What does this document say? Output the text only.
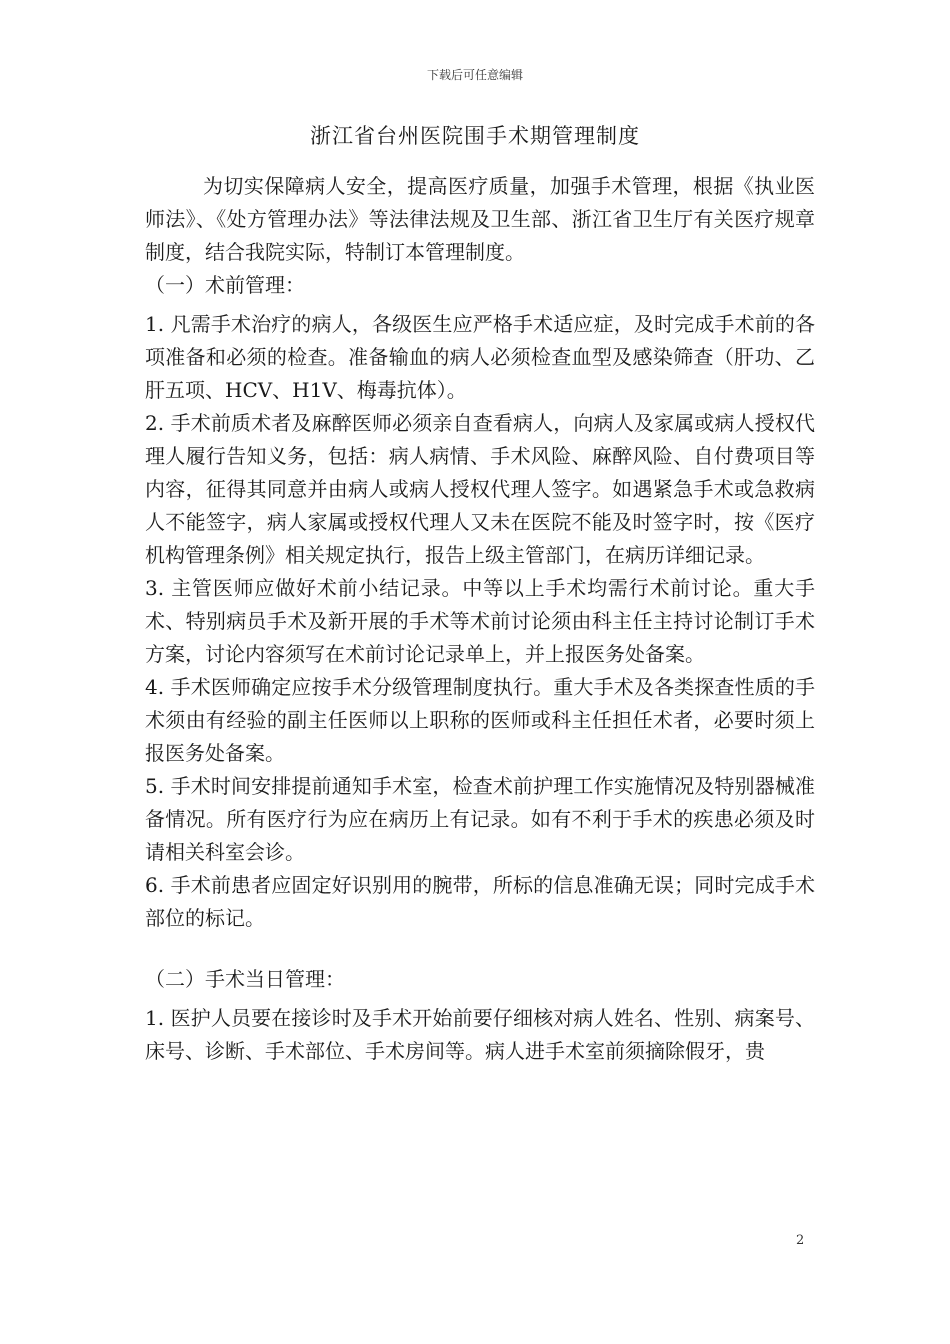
下载后可任意编辑
浙江省台州医院围手术期管理制度

为切实保障病人安全，提高医疗质量，加强手术管理，根据《执业医师法》、《处方管理办法》等法律法规及卫生部、浙江省卫生厅有关医疗规章制度，结合我院实际，特制订本管理制度。

（一）术前管理：

1. 凡需手术治疗的病人，各级医生应严格手术适应症，及时完成手术前的各项准备和必须的检查。准备输血的病人必须检查血型及感染筛查（肝功、乙肝五项、HCV、H1V、梅毒抗体）。

2. 手术前质术者及麻醉医师必须亲自查看病人，向病人及家属或病人授权代理人履行告知义务，包括：病人病情、手术风险、麻醉风险、自付费项目等内容，征得其同意并由病人或病人授权代理人签字。如遇紧急手术或急救病人不能签字，病人家属或授权代理人又未在医院不能及时签字时，按《医疗机构管理条例》相关规定执行，报告上级主管部门，在病历详细记录。

3. 主管医师应做好术前小结记录。中等以上手术均需行术前讨论。重大手术、特别病员手术及新开展的手术等术前讨论须由科主任主持讨论制订手术方案，讨论内容须写在术前讨论记录单上，并上报医务处备案。

4. 手术医师确定应按手术分级管理制度执行。重大手术及各类探查性质的手术须由有经验的副主任医师以上职称的医师或科主任担任术者，必要时须上报医务处备案。

5. 手术时间安排提前通知手术室，检查术前护理工作实施情况及特别器械准备情况。所有医疗行为应在病历上有记录。如有不利于手术的疾患必须及时请相关科室会诊。

6. 手术前患者应固定好识别用的腕带，所标的信息准确无误；同时完成手术部位的标记。

（二）手术当日管理：

1. 医护人员要在接诊时及手术开始前要仔细核对病人姓名、性别、病案号、床号、诊断、手术部位、手术房间等。病人进手术室前须摘除假牙，贵

2
